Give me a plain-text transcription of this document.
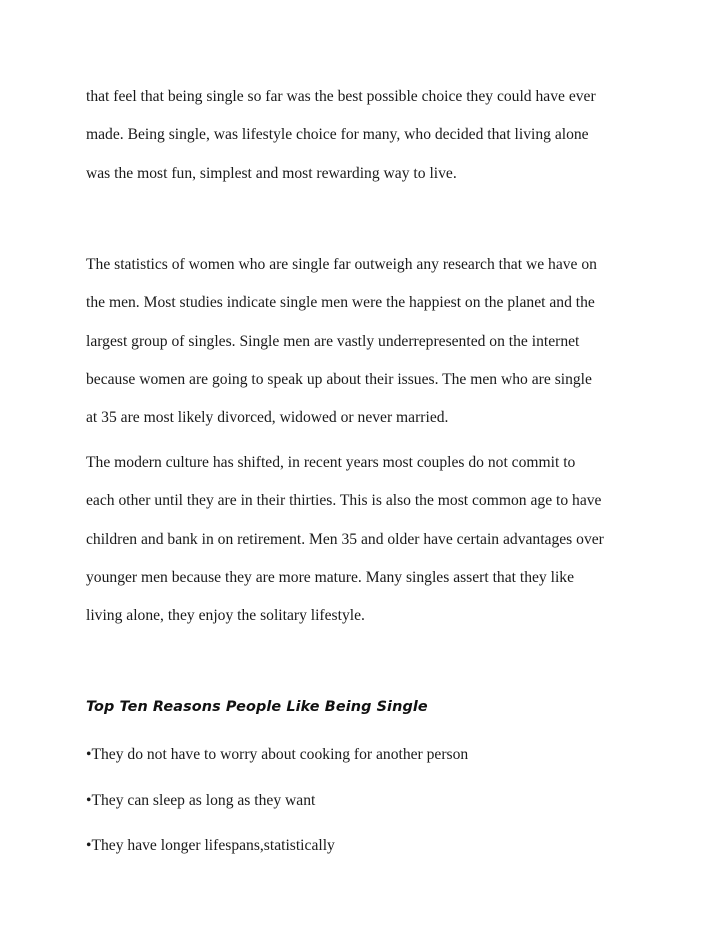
that feel that being single so far was the best possible choice they could have ever

made. Being single, was lifestyle choice for many, who decided that living alone

was the most fun, simplest and most rewarding way to live.

The statistics of women who are single far outweigh any research that we have on

the men. Most studies indicate single men were the happiest on the planet and the

largest group of singles. Single men are vastly underrepresented on the internet

because women are going to speak up about their issues. The men who are single

at 35 are most likely divorced, widowed or never married.

The modern culture has shifted, in recent years most couples do not commit to

each other until they are in their thirties. This is also the most common age to have

children and bank in on retirement. Men 35 and older have certain advantages over

younger men because they are more mature. Many singles assert that they like

living alone, they enjoy the solitary lifestyle.

Top Ten Reasons People Like Being Single

•They do not have to worry about cooking for another person

•They can sleep as long as they want

•They have longer lifespans,statistically
